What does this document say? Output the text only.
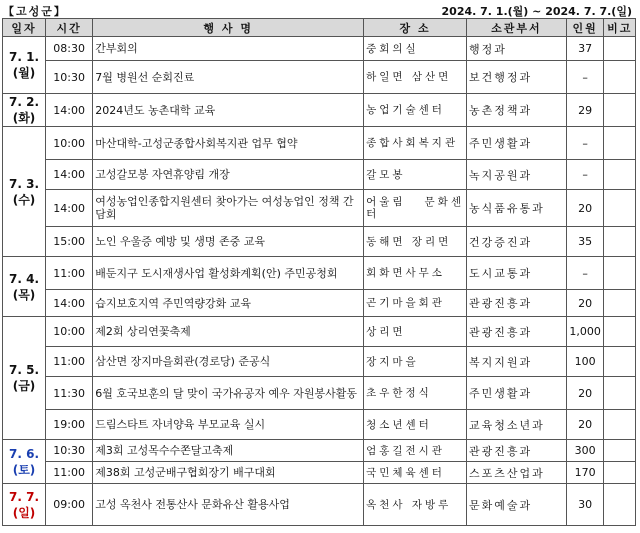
【고성군】	2024. 7. 1.(월) ~ 2024. 7. 7.(일)
일자	시간	행 사 명	장 소	소관부서	인원	비고
7. 1.
(월)	08:30	간부회의	중회의실	행정과	37	
	10:30	7월 병원선 순회진료	하일면 삼산면	보건행정과	–	
7. 2.
(화)	14:00	2024년도 농촌대학 교육	농업기술센터	농촌정책과	29	
7. 3.
(수)	10:00	마산대학-고성군종합사회복지관 업무 협약	종합사회복지관	주민생활과	–	
	14:00	고성갈모봉 자연휴양림 개장	갈모봉	녹지공원과	–	
	14:00	여성농업인종합지원센터 찾아가는 여성농업인 정책 간담회	어울림 문화센터	농식품유통과	20	
	15:00	노인 우울증 예방 및 생명 존중 교육	동해면 장리면	건강증진과	35	
7. 4.
(목)	11:00	배둔지구 도시재생사업 활성화계획(안) 주민공청회	회화면사무소	도시교통과	–	
	14:00	습지보호지역 주민역량강화 교육	곤기마을회관	관광진흥과	20	
7. 5.
(금)	10:00	제2회 상리연꽃축제	상리면	관광진흥과	1,000	
	11:00	삼산면 장지마을회관(경로당) 준공식	장지마을	복지지원과	100	
	11:30	6월 호국보훈의 달 맞이 국가유공자 예우 자원봉사활동	초우한정식	주민생활과	20	
	19:00	드림스타트 자녀양육 부모교육 실시	청소년센터	교육청소년과	20	
7. 6.
(토)	10:30	제3회 고성목수수쫀달고축제	엄홍길전시관	관광진흥과	300	
	11:00	제38회 고성군배구협회장기 배구대회	국민체육센터	스포츠산업과	170	
7. 7.
(일)	09:00	고성 옥천사 전통산사 문화유산 활용사업	옥천사 자방루	문화예술과	30	
